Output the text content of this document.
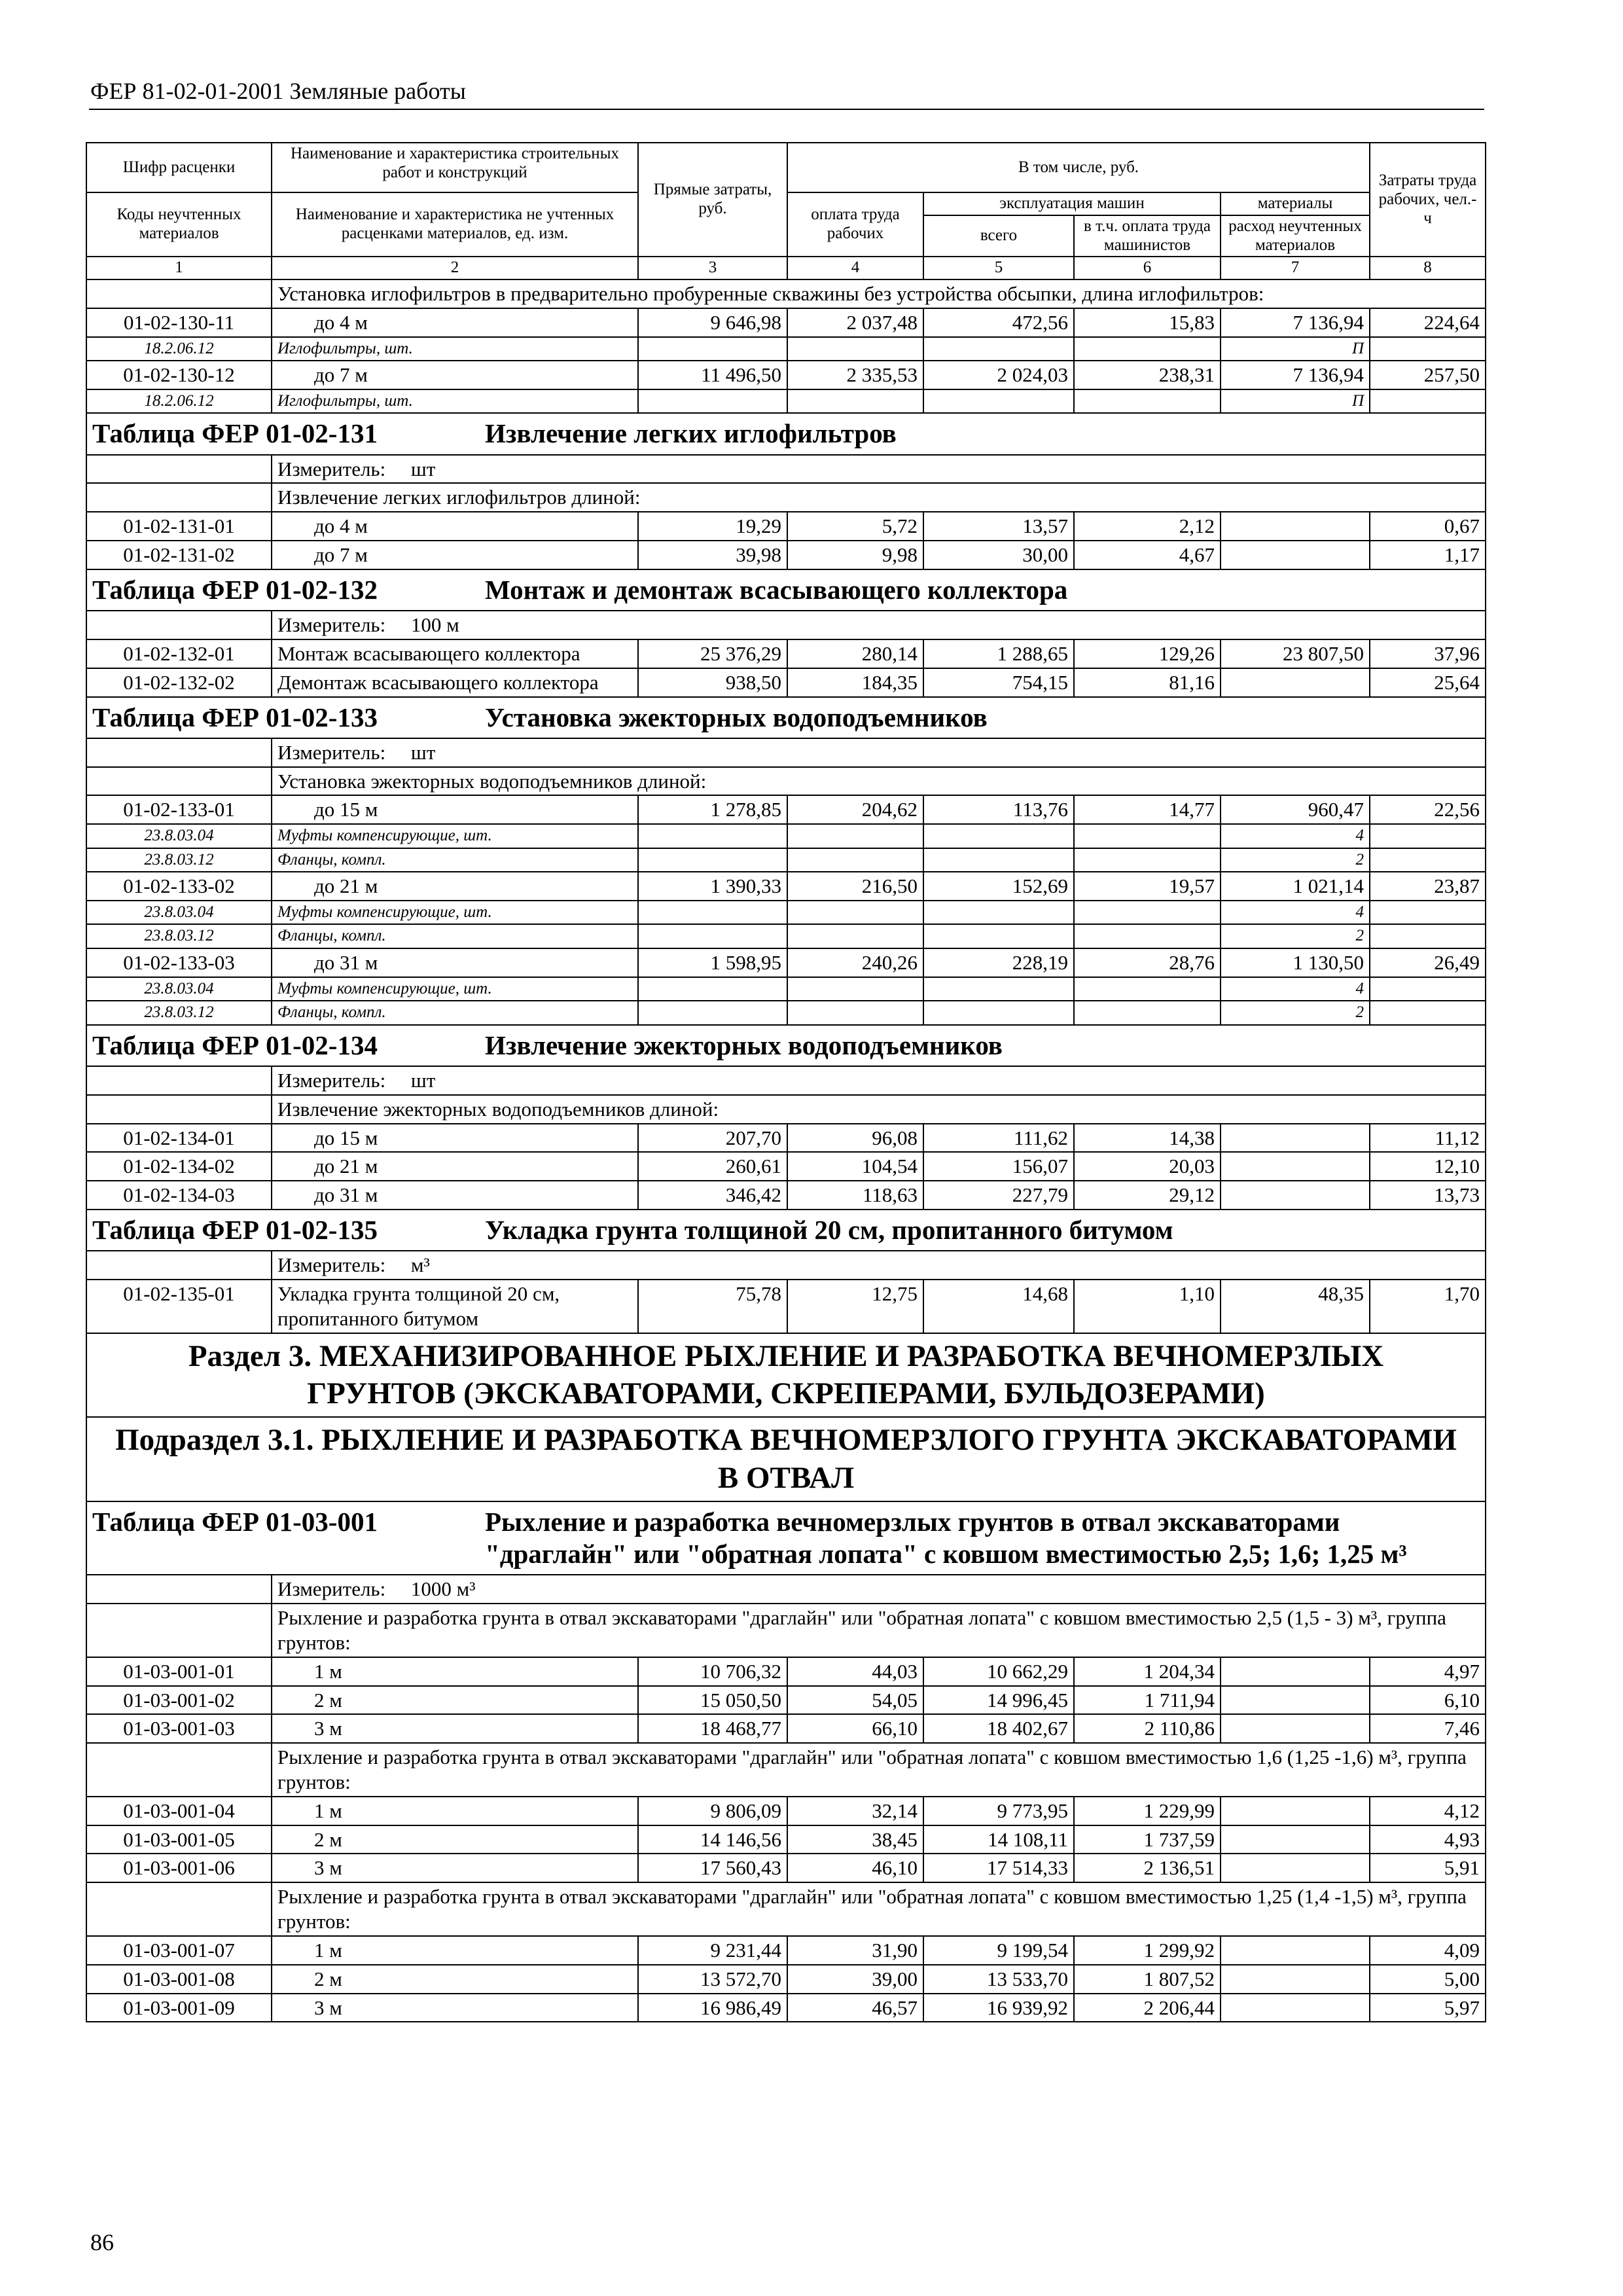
ФЕР 81-02-01-2001 Земляные работы
Шифр расценки	Наименование и характеристика строительных работ и конструкций	Прямые затраты, руб.	В том числе, руб.				Затраты труда рабочих, чел.-ч
Коды неучтенных материалов	Наименование и характеристика не учтенных расценками материалов, ед. изм.		оплата труда рабочих	эксплуатация машин		материалы	
				всего	в т.ч. оплата труда машинистов	расход неучтенных материалов	
1	2	3	4	5	6	7	8
	Установка иглофильтров в предварительно пробуренные скважины без устройства обсыпки, длина иглофильтров:						
01-02-130-11	до 4 м	9 646,98	2 037,48	472,56	15,83	7 136,94	224,64
18.2.06.12	Иглофильтры, шт.					П	
01-02-130-12	до 7 м	11 496,50	2 335,53	2 024,03	238,31	7 136,94	257,50
18.2.06.12	Иглофильтры, шт.					П	
Таблица ФЕР 01-02-131 Извлечение легких иглофильтров							
	Измеритель:     шт						
	Извлечение легких иглофильтров длиной:						
01-02-131-01	до 4 м	19,29	5,72	13,57	2,12		0,67
01-02-131-02	до 7 м	39,98	9,98	30,00	4,67		1,17
Таблица ФЕР 01-02-132 Монтаж и демонтаж всасывающего коллектора							
	Измеритель:     100 м						
01-02-132-01	Монтаж всасывающего коллектора	25 376,29	280,14	1 288,65	129,26	23 807,50	37,96
01-02-132-02	Демонтаж всасывающего коллектора	938,50	184,35	754,15	81,16		25,64
Таблица ФЕР 01-02-133 Установка эжекторных водоподъемников							
	Измеритель:     шт						
	Установка эжекторных водоподъемников длиной:						
01-02-133-01	до 15 м	1 278,85	204,62	113,76	14,77	960,47	22,56
23.8.03.04	Муфты компенсирующие, шт.					4	
23.8.03.12	Фланцы, компл.					2	
01-02-133-02	до 21 м	1 390,33	216,50	152,69	19,57	1 021,14	23,87
23.8.03.04	Муфты компенсирующие, шт.					4	
23.8.03.12	Фланцы, компл.					2	
01-02-133-03	до 31 м	1 598,95	240,26	228,19	28,76	1 130,50	26,49
23.8.03.04	Муфты компенсирующие, шт.					4	
23.8.03.12	Фланцы, компл.					2	
Таблица ФЕР 01-02-134 Извлечение эжекторных водоподъемников							
	Измеритель:     шт						
	Извлечение эжекторных водоподъемников длиной:						
01-02-134-01	до 15 м	207,70	96,08	111,62	14,38		11,12
01-02-134-02	до 21 м	260,61	104,54	156,07	20,03		12,10
01-02-134-03	до 31 м	346,42	118,63	227,79	29,12		13,73
Таблица ФЕР 01-02-135 Укладка грунта толщиной 20 см, пропитанного битумом							
	Измеритель:     м³						
01-02-135-01	Укладка грунта толщиной 20 см, пропитанного битумом	75,78	12,75	14,68	1,10	48,35	1,70
Раздел 3. МЕХАНИЗИРОВАННОЕ РЫХЛЕНИЕ И РАЗРАБОТКА ВЕЧНОМЕРЗЛЫХ ГРУНТОВ (ЭКСКАВАТОРАМИ, СКРЕПЕРАМИ, БУЛЬДОЗЕРАМИ)							
Подраздел 3.1. РЫХЛЕНИЕ И РАЗРАБОТКА ВЕЧНОМЕРЗЛОГО ГРУНТА ЭКСКАВАТОРАМИ В ОТВАЛ							
Таблица ФЕР 01-03-001 Рыхление и разработка вечномерзлых грунтов в отвал экскаваторами "драглайн" или "обратная лопата" с ковшом вместимостью 2,5; 1,6; 1,25 м³							
	Измеритель:     1000 м³						
	Рыхление и разработка грунта в отвал экскаваторами "драглайн" или "обратная лопата" с ковшом вместимостью 2,5 (1,5 - 3) м³, группа грунтов:						
01-03-001-01	1 м	10 706,32	44,03	10 662,29	1 204,34		4,97
01-03-001-02	2 м	15 050,50	54,05	14 996,45	1 711,94		6,10
01-03-001-03	3 м	18 468,77	66,10	18 402,67	2 110,86		7,46
	Рыхление и разработка грунта в отвал экскаваторами "драглайн" или "обратная лопата" с ковшом вместимостью 1,6 (1,25 -1,6) м³, группа грунтов:						
01-03-001-04	1 м	9 806,09	32,14	9 773,95	1 229,99		4,12
01-03-001-05	2 м	14 146,56	38,45	14 108,11	1 737,59		4,93
01-03-001-06	3 м	17 560,43	46,10	17 514,33	2 136,51		5,91
	Рыхление и разработка грунта в отвал экскаваторами "драглайн" или "обратная лопата" с ковшом вместимостью 1,25 (1,4 -1,5) м³, группа грунтов:						
01-03-001-07	1 м	9 231,44	31,90	9 199,54	1 299,92		4,09
01-03-001-08	2 м	13 572,70	39,00	13 533,70	1 807,52		5,00
01-03-001-09	3 м	16 986,49	46,57	16 939,92	2 206,44		5,97
86
